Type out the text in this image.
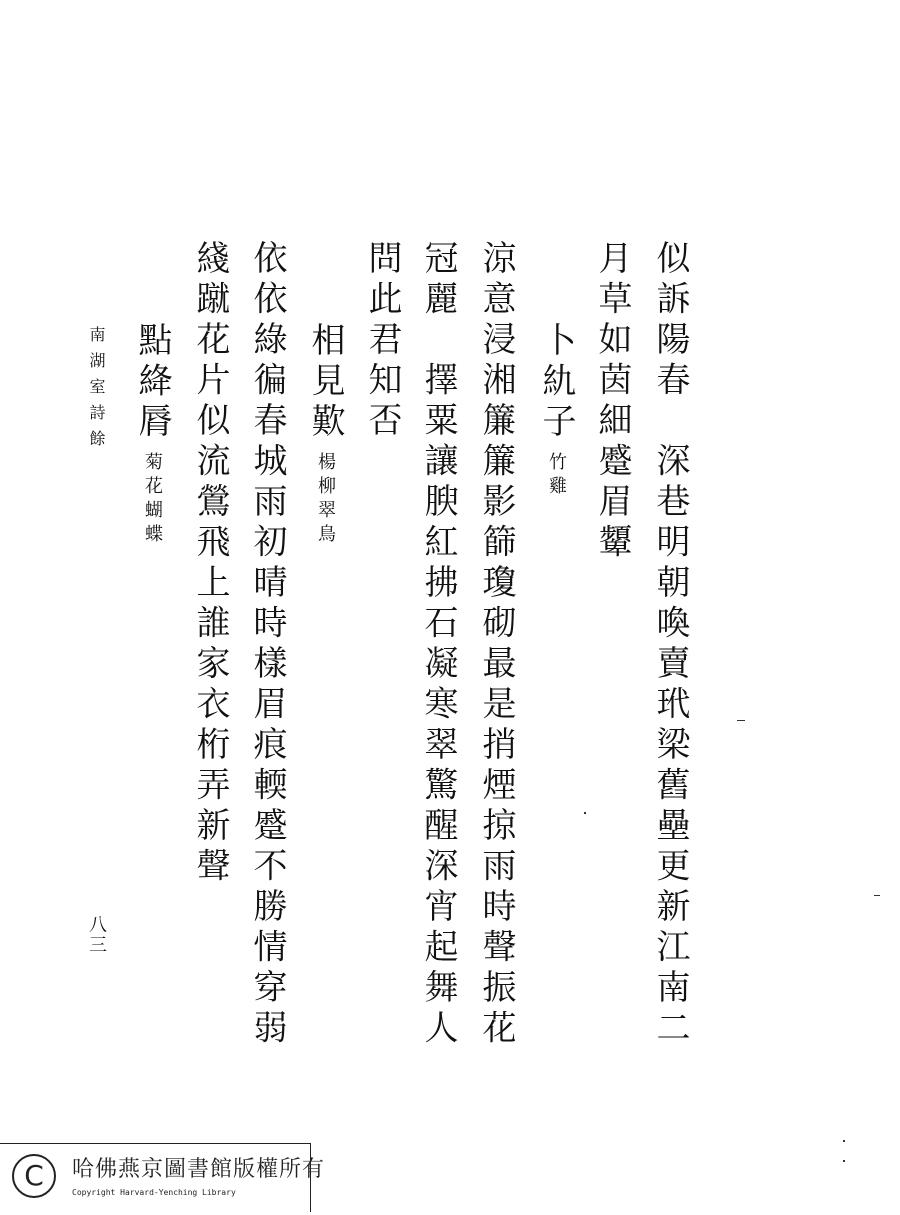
似訴陽春　深巷明朝喚賣玳梁舊壘更新江南二
月草如茵細蹙眉顰
卜䊵子竹雞
涼意浸湘簾簾影篩瓊砌最是捎煙掠雨時聲振花
冠麗　擇粟讓腴紅拂石凝寒翠驚醒深宵起舞人
問此君知否
相見歎楊柳翠鳥
依依綠徧春城雨初晴時樣眉痕輭蹙不勝情穿弱
綫蹴花片似流鶯飛上誰家衣桁弄新聲
點絳脣菊花蝴蝶
南湖室詩餘
八三
C	哈佛燕京圖書館版權所有
Copyright Harvard-Yenching Library
